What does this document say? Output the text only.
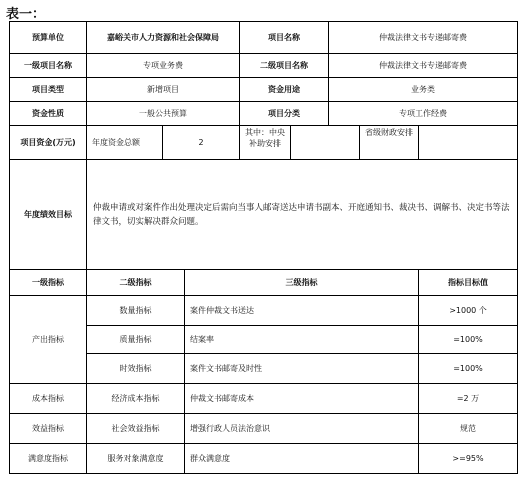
表一：
预算单位	嘉峪关市人力资源和社会保障局			项目名称		仲裁法律文书专递邮寄费		
一级项目名称	专项业务费			二级项目名称		仲裁法律文书专递邮寄费		
项目类型	新增项目			资金用途		业务类		
资金性质	一般公共预算			项目分类		专项工作经费		
项目资金(万元)	年度资金总额	2		其中：中央补助安排			省级财政安排	
年度绩效目标	仲裁申请或对案件作出处理决定后需向当事人邮寄送达申请书副本、开庭通知书、裁决书、调解书、决定书等法律文书，切实解决群众问题。							
一级指标	二级指标		三级指标					指标目标值
产出指标	数量指标		案件仲裁文书送达					>1000 个
	质量指标		结案率					=100%
	时效指标		案件文书邮寄及时性					=100%
成本指标	经济成本指标		仲裁文书邮寄成本					=2 万
效益指标	社会效益指标		增强行政人员法治意识					规范
满意度指标	服务对象满意度		群众满意度					>=95%
